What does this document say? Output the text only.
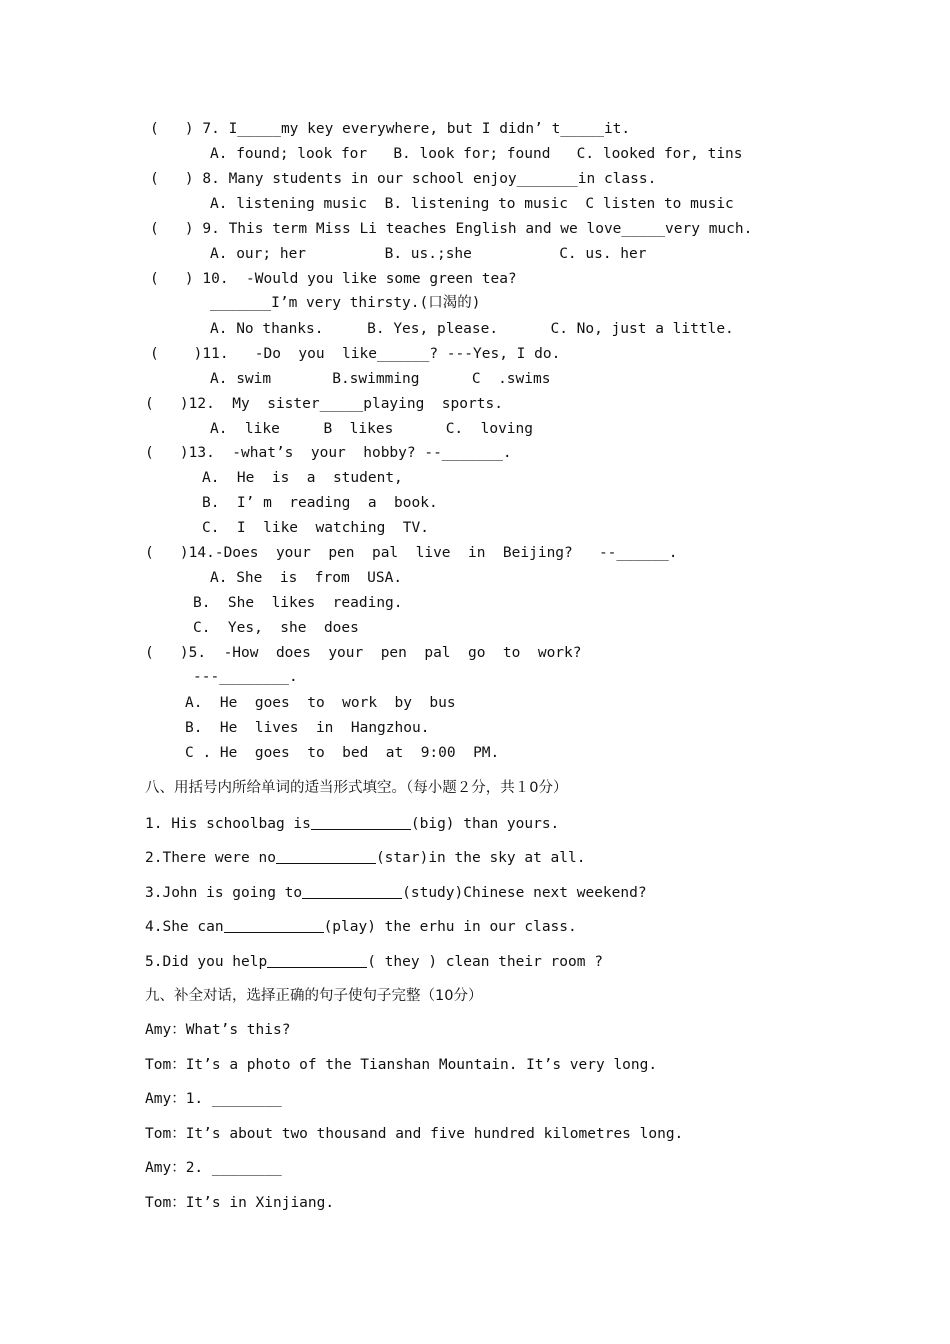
(   ) 7. I_____my key everywhere, but I didn’ t_____it.
A. found; look for   B. look for; found   C. looked for, tins
(   ) 8. Many students in our school enjoy_______in class.
A. listening music  B. listening to music  C listen to music
(   ) 9. This term Miss Li teaches English and we love_____very much.
A. our; her         B. us.;she          C. us. her
(   ) 10.  -Would you like some green tea?
_______I’m very thirsty.(口渴的)
A. No thanks.     B. Yes, please.      C. No, just a little.
(    )11.   -Do  you  like______? ---Yes, I do.
A. swim       B.swimming      C  .swims
(   )12.  My  sister_____playing  sports.
A.  like     B  likes      C.  loving
(   )13.  -what’s  your  hobby? --_______.
A.  He  is  a  student,
B.  I’ m  reading  a  book.
C.  I  like  watching  TV.
(   )14.-Does  your  pen  pal  live  in  Beijing?   --______.
A. She  is  from  USA.
B.  She  likes  reading.
C.  Yes,  she  does
(   )5.  -How  does  your  pen  pal  go  to  work?
---________.
A.  He  goes  to  work  by  bus
B.  He  lives  in  Hangzhou.
C . He  goes  to  bed  at  9:00  PM.
八、用括号内所给单词的适当形式填空。（每小题２分，共１0分）
1. His schoolbag is	(big) than yours.
2.There were no	(star)in the sky at all.
3.John is going to	(study)Chinese next weekend?
4.She can	(play) the erhu in our class.
5.Did you help	( they ) clean their room ?
九、补全对话，选择正确的句子使句子完整（10分）
Amy：What’s this?
Tom：It’s a photo of the Tianshan Mountain. It’s very long.
Amy：1. ________
Tom：It’s about two thousand and five hundred kilometres long.
Amy：2. ________
Tom：It’s in Xinjiang.
